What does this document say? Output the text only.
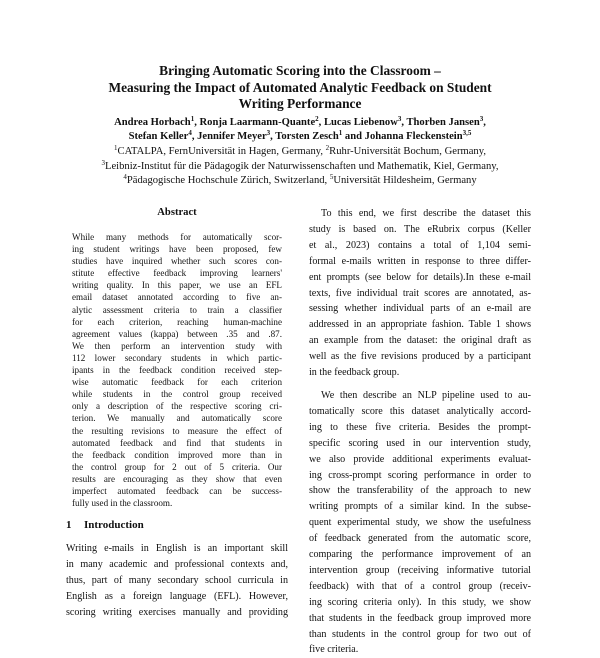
Bringing Automatic Scoring into the Classroom –
Measuring the Impact of Automated Analytic Feedback on Student
Writing Performance
Andrea Horbach$^1$, Ronja Laarmann-Quante$^2$, Lucas Liebenow$^3$, Thorben Jansen$^3$,
Stefan Keller$^4$, Jennifer Meyer$^3$, Torsten Zesch$^1$ and Johanna Fleckenstein$^{3,5}$
$^1$CATALPA, FernUniversität in Hagen, Germany, $^2$Ruhr-Universität Bochum, Germany,
$^3$Leibniz-Institut für die Pädagogik der Naturwissenschaften und Mathematik, Kiel, Germany,
$^4$Pädagogische Hochschule Zürich, Switzerland, $^5$Universität Hildesheim, Germany
Abstract
While many methods for automatically scor-
ing student writings have been proposed, few
studies have inquired whether such scores con-
stitute effective feedback improving learners'
writing quality. In this paper, we use an EFL
email dataset annotated according to five an-
alytic assessment criteria to train a classifier
for each criterion, reaching human-machine
agreement values (kappa) between .35 and .87.
We then perform an intervention study with
112 lower secondary students in which partic-
ipants in the feedback condition received step-
wise automatic feedback for each criterion
while students in the control group received
only a description of the respective scoring cri-
terion. We manually and automatically score
the resulting revisions to measure the effect of
automated feedback and find that students in
the feedback condition improved more than in
the control group for 2 out of 5 criteria. Our
results are encouraging as they show that even
imperfect automated feedback can be success-
fully used in the classroom.
1 Introduction
Writing e-mails in English is an important skill
in many academic and professional contexts and,
thus, part of many secondary school curricula in
English as a foreign language (EFL). However,
scoring writing exercises manually and providing
To this end, we first describe the dataset this
study is based on. The eRubrix corpus (Keller
et al., 2023) contains a total of 1,104 semi-
formal e-mails written in response to three differ-
ent prompts (see below for details).In these e-mail
texts, five individual trait scores are annotated, as-
sessing whether individual parts of an e-mail are
addressed in an appropriate fashion. Table 1 shows
an example from the dataset: the original draft as
well as the five revisions produced by a participant
in the feedback group.
We then describe an NLP pipeline used to au-
tomatically score this dataset analytically accord-
ing to these five criteria. Besides the prompt-
specific scoring used in our intervention study,
we also provide additional experiments evaluat-
ing cross-prompt scoring performance in order to
show the transferability of the approach to new
writing prompts of a similar kind. In the subse-
quent experimental study, we show the usefulness
of feedback generated from the automatic score,
comparing the performance improvement of an
intervention group (receiving informative tutorial
feedback) with that of a control group (receiv-
ing scoring criteria only). In this study, we show
that students in the feedback group improved more
than students in the control group for two out of
five criteria.
